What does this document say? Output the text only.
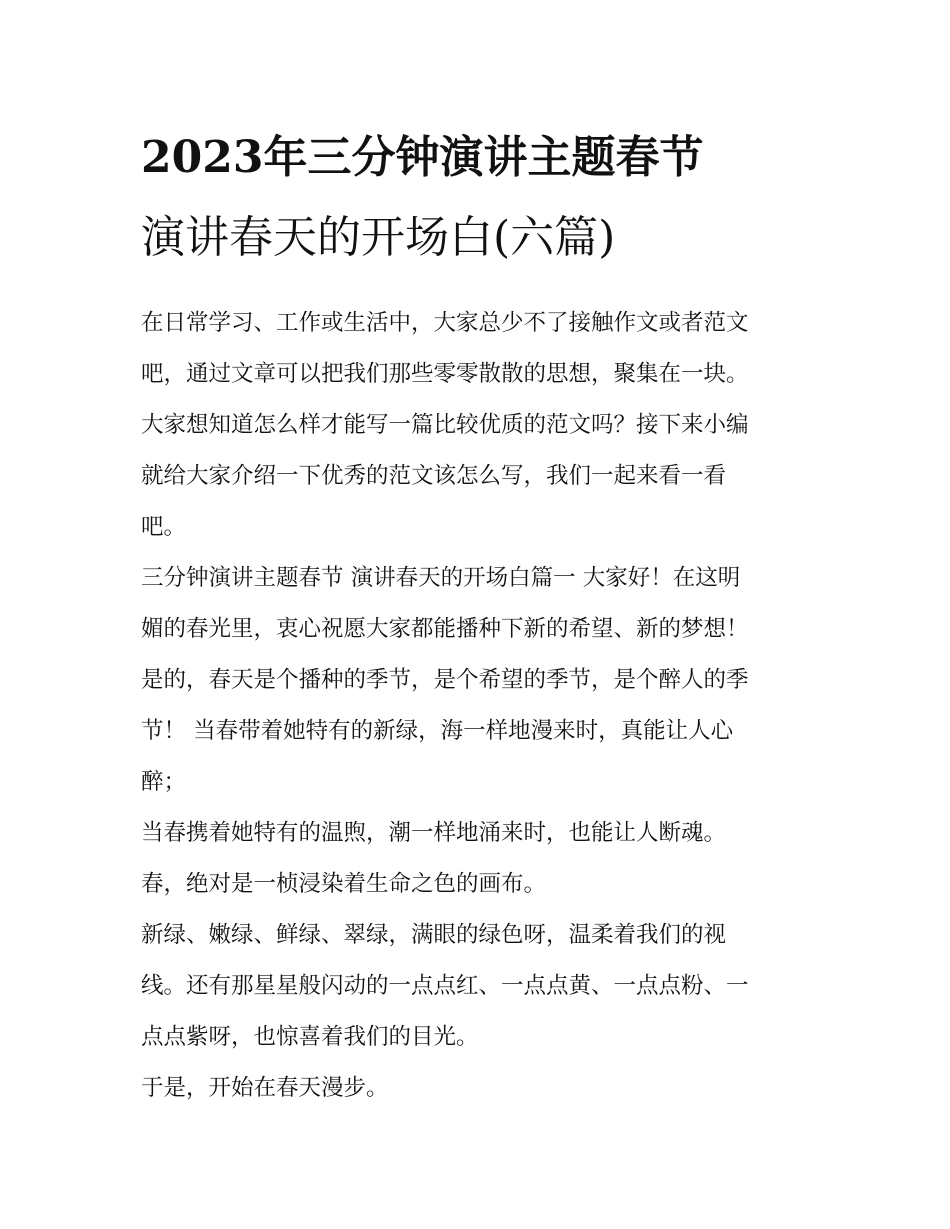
2023年三分钟演讲主题春节
演讲春天的开场白(六篇)

在日常学习、工作或生活中，大家总少不了接触作文或者范文
吧，通过文章可以把我们那些零零散散的思想，聚集在一块。
大家想知道怎么样才能写一篇比较优质的范文吗？接下来小编
就给大家介绍一下优秀的范文该怎么写，我们一起来看一看
吧。

三分钟演讲主题春节 演讲春天的开场白篇一 大家好！在这明
媚的春光里，衷心祝愿大家都能播种下新的希望、新的梦想！
是的，春天是个播种的季节，是个希望的季节，是个醉人的季
节！ 当春带着她特有的新绿，海一样地漫来时，真能让人心
醉；

当春携着她特有的温煦，潮一样地涌来时，也能让人断魂。

春，绝对是一桢浸染着生命之色的画布。

新绿、嫩绿、鲜绿、翠绿，满眼的绿色呀，温柔着我们的视
线。还有那星星般闪动的一点点红、一点点黄、一点点粉、一
点点紫呀，也惊喜着我们的目光。

于是，开始在春天漫步。
